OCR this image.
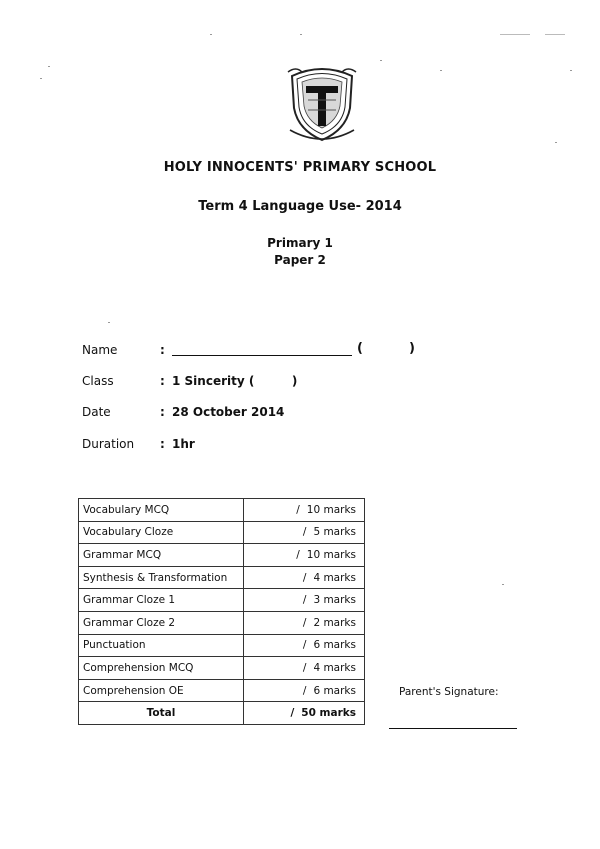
HOLY INNOCENTS' PRIMARY SCHOOL
Term 4 Language Use- 2014
Primary 1
Paper 2
Name	:	(	)
Class	: 1 Sincerity (         )
Date	: 28 October 2014
Duration : 1hr
Vocabulary MCQ	/ 10 marks
Vocabulary Cloze	/ 5 marks
Grammar MCQ	/ 10 marks
Synthesis & Transformation	/ 4 marks
Grammar Cloze 1	/ 3 marks
Grammar Cloze 2	/ 2 marks
Punctuation	/ 6 marks
Comprehension MCQ	/ 4 marks
Comprehension OE	/ 6 marks
Total	/ 50 marks
Parent's Signature:
